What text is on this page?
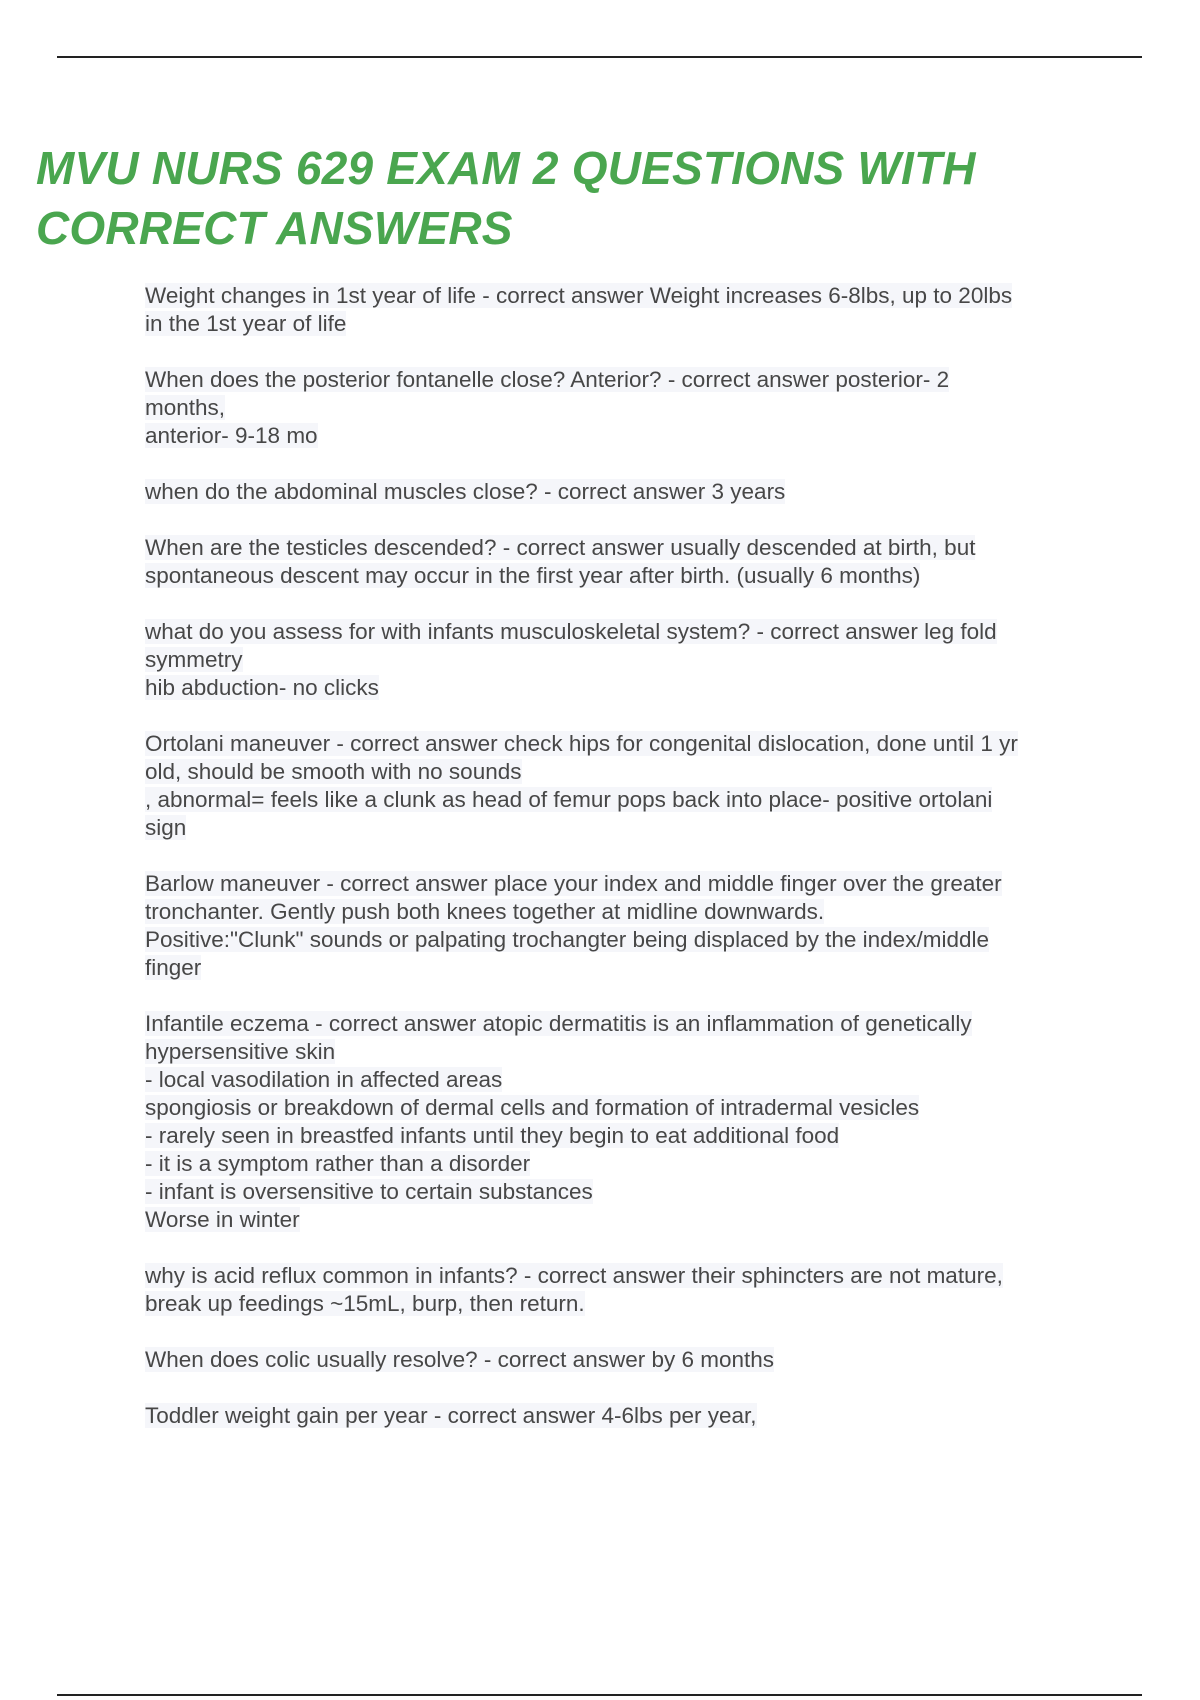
MVU NURS 629 EXAM 2 QUESTIONS WITH
CORRECT ANSWERS
Weight changes in 1st year of life - correct answer Weight increases 6-8lbs, up to 20lbs
in the 1st year of life
When does the posterior fontanelle close? Anterior? - correct answer posterior- 2
months,
anterior- 9-18 mo
when do the abdominal muscles close? - correct answer 3 years
When are the testicles descended? - correct answer usually descended at birth, but
spontaneous descent may occur in the first year after birth. (usually 6 months)
what do you assess for with infants musculoskeletal system? - correct answer leg fold
symmetry
hib abduction- no clicks
Ortolani maneuver - correct answer check hips for congenital dislocation, done until 1 yr
old, should be smooth with no sounds
, abnormal= feels like a clunk as head of femur pops back into place- positive ortolani
sign
Barlow maneuver - correct answer place your index and middle finger over the greater
tronchanter. Gently push both knees together at midline downwards.
Positive:"Clunk" sounds or palpating trochangter being displaced by the index/middle
finger
Infantile eczema - correct answer atopic dermatitis is an inflammation of genetically
hypersensitive skin
- local vasodilation in affected areas
spongiosis or breakdown of dermal cells and formation of intradermal vesicles
- rarely seen in breastfed infants until they begin to eat additional food
- it is a symptom rather than a disorder
- infant is oversensitive to certain substances
Worse in winter
why is acid reflux common in infants? - correct answer their sphincters are not mature,
break up feedings ~15mL, burp, then return.
When does colic usually resolve? - correct answer by 6 months
Toddler weight gain per year - correct answer 4-6lbs per year,
